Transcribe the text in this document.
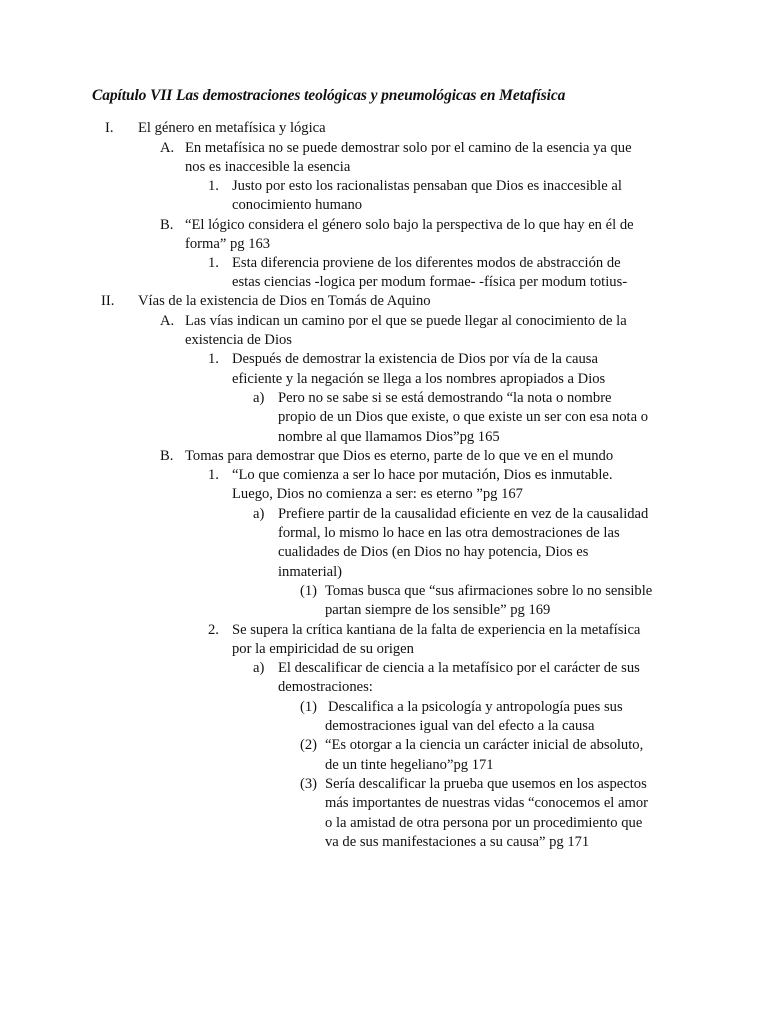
Capítulo VII Las demostraciones teológicas y pneumológicas en Metafísica
I. El género en metafísica y lógica
A. En metafísica no se puede demostrar solo por el camino de la esencia ya que
nos es inaccesible la esencia
1. Justo por esto los racionalistas pensaban que Dios es inaccesible al
conocimiento humano
B. “El lógico considera el género solo bajo la perspectiva de lo que hay en él de
forma” pg 163
1. Esta diferencia proviene de los diferentes modos de abstracción de
estas ciencias -logica per modum formae- -física per modum totius-
II. Vías de la existencia de Dios en Tomás de Aquino
A. Las vías indican un camino por el que se puede llegar al conocimiento de la
existencia de Dios
1. Después de demostrar la existencia de Dios por vía de la causa
eficiente y la negación se llega a los nombres apropiados a Dios
a) Pero no se sabe si se está demostrando “la nota o nombre
propio de un Dios que existe, o que existe un ser con esa nota o
nombre al que llamamos Dios”pg 165
B. Tomas para demostrar que Dios es eterno, parte de lo que ve en el mundo
1. “Lo que comienza a ser lo hace por mutación, Dios es inmutable.
Luego, Dios no comienza a ser: es eterno ”pg 167
a) Prefiere partir de la causalidad eficiente en vez de la causalidad
formal, lo mismo lo hace en las otra demostraciones de las
cualidades de Dios (en Dios no hay potencia, Dios es
inmaterial)
(1) Tomas busca que “sus afirmaciones sobre lo no sensible
partan siempre de los sensible” pg 169
2. Se supera la crítica kantiana de la falta de experiencia en la metafísica
por la empiricidad de su origen
a) El descalificar de ciencia a la metafísico por el carácter de sus
demostraciones:
(1) Descalifica a la psicología y antropología pues sus
demostraciones igual van del efecto a la causa
(2) “Es otorgar a la ciencia un carácter inicial de absoluto,
de un tinte hegeliano”pg 171
(3) Sería descalificar la prueba que usemos en los aspectos
más importantes de nuestras vidas “conocemos el amor
o la amistad de otra persona por un procedimiento que
va de sus manifestaciones a su causa” pg 171
